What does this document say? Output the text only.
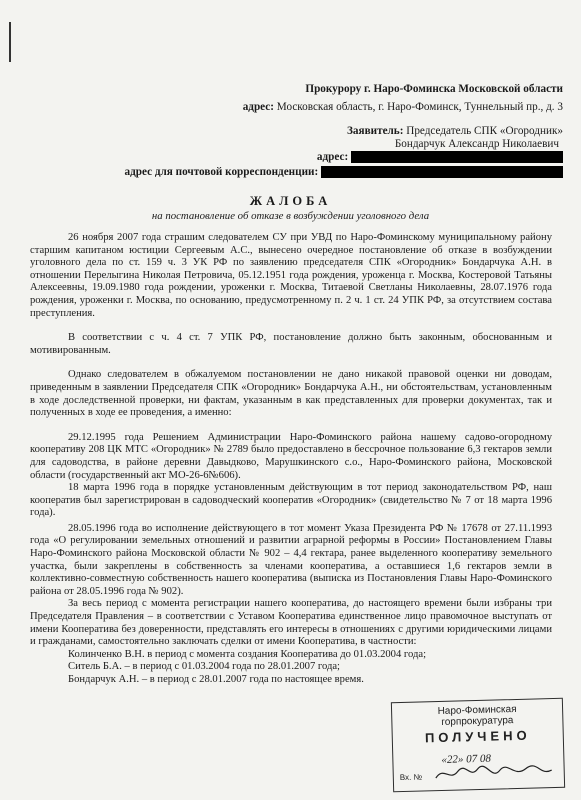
Прокурору г. Наро-Фоминска Московской области
адрес: Московская область, г. Наро-Фоминск, Туннельный пр., д. 3
Заявитель: Председатель СПК «Огородник»
Бондарчук Александр Николаевич
адрес:
адрес для почтовой корреспонденции:
ЖАЛОБА
на постановление об отказе в возбуждении уголовного дела

26 ноября 2007 года страшим следователем СУ при УВД по Наро-Фоминскому муниципальному району старшим капитаном юстиции Сергеевым А.С., вынесено очередное постановление об отказе в возбуждении уголовного дела по ст. 159 ч. 3 УК РФ по заявлению председателя СПК «Огородник» Бондарчука А.Н. в отношении Перелыгина Николая Петровича, 05.12.1951 года рождения, уроженца г. Москва, Костеровой Татьяны Алексеевны, 19.09.1980 года рождении, уроженки г. Москва, Титаевой Светланы Николаевны, 28.07.1976 года рождения, уроженки г. Москва, по основанию, предусмотренному п. 2 ч. 1 ст. 24 УПК РФ, за отсутствием состава преступления.

В соответствии с ч. 4 ст. 7 УПК РФ, постановление должно быть законным, обоснованным и мотивированным.

Однако следователем в обжалуемом постановлении не дано никакой правовой оценки ни доводам, приведенным в заявлении Председателя СПК «Огородник» Бондарчука А.Н., ни обстоятельствам, установленным в ходе доследственной проверки, ни фактам, указанным в как представленных для проверки документах, так и полученных в ходе ее проведения, а именно:

29.12.1995 года Решением Администрации Наро-Фоминского района нашему садово-огородному кооперативу 208 ЦК МТС «Огородник» № 2789 было предоставлено в бессрочное пользование 6,3 гектаров земли для садоводства, в районе деревни Давыдково, Марушкинского с.о., Наро-Фоминского района, Московской области (государственный акт МО-26-6№606).

18 марта 1996 года в порядке установленным действующим в тот период законодательством РФ, наш кооператив был зарегистрирован в садоводческий кооператив «Огородник» (свидетельство № 7 от 18 марта 1996 года).

28.05.1996 года во исполнение действующего в тот момент Указа Президента РФ № 17678 от 27.11.1993 года «О регулировании земельных отношений и развитии аграрной реформы в России» Постановлением Главы Наро-Фоминского района Московской области № 902 – 4,4 гектара, ранее выделенного кооперативу земельного участка, были закреплены в собственность за членами кооператива, а оставшиеся 1,6 гектаров земли в коллективно-совместную собственность нашего кооператива (выписка из Постановления Главы Наро-Фоминского района от 28.05.1996 года № 902).

За весь период с момента регистрации нашего кооператива, до настоящего времени были избраны три Председателя Правления – в соответствии с Уставом Кооператива единственное лицо правомочное выступать от имени Кооператива без доверенности, представлять его интересы в отношениях с другими юридическими лицами и гражданами, самостоятельно заключать сделки от имени Кооператива, в частности:

Колинченко В.Н. в период с момента создания Кооператива до 01.03.2004 года;

Ситель Б.А. – в период с 01.03.2004 года по 28.01.2007 года;

Бондарчук А.Н. – в период с 28.01.2007 года по настоящее время.

Наро-Фоминская
горпрокуратура
ПОЛУЧЕНО
«22» 07 08
Вх. №
